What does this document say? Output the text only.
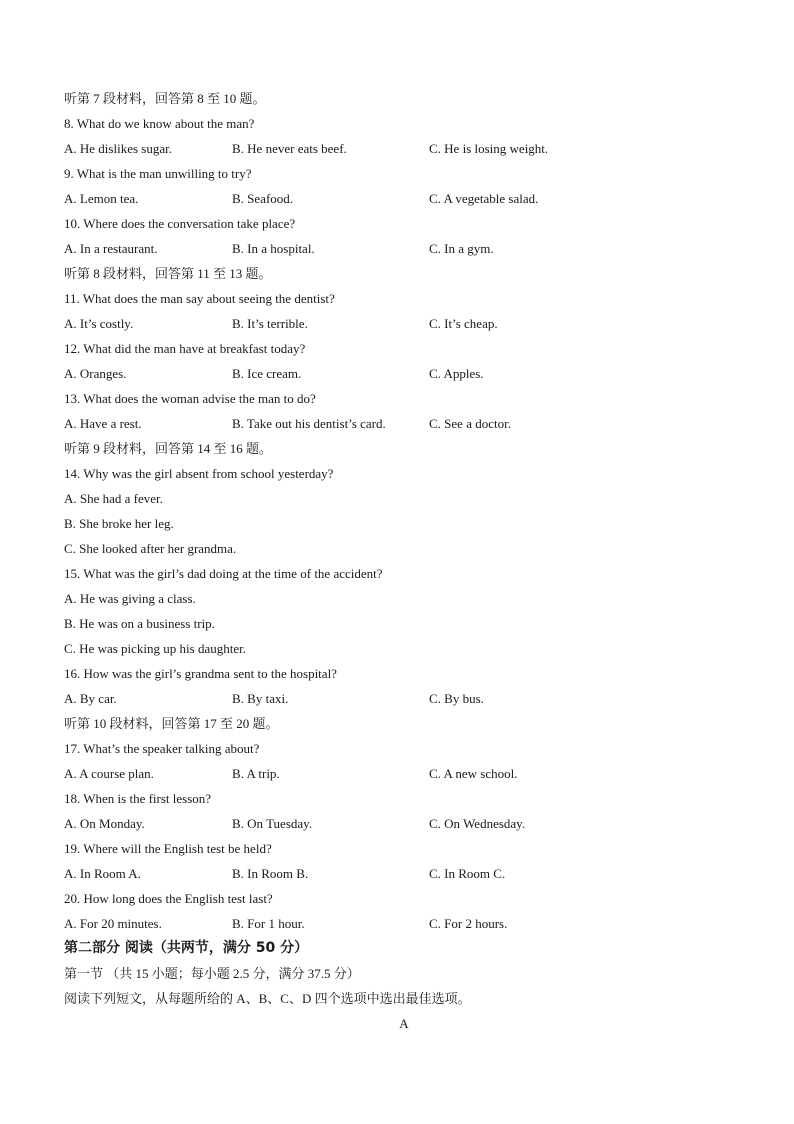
听第 7 段材料，回答第 8 至 10 题。
8. What do we know about the man?
A. He dislikes sugar.	B. He never eats beef.	C. He is losing weight.
9. What is the man unwilling to try?
A. Lemon tea.	B. Seafood.	C. A vegetable salad.
10. Where does the conversation take place?
A. In a restaurant.	B. In a hospital.	C. In a gym.
听第 8 段材料，回答第 11 至 13 题。
11. What does the man say about seeing the dentist?
A. It’s costly.	B. It’s terrible.	C. It’s cheap.
12. What did the man have at breakfast today?
A. Oranges.	B. Ice cream.	C. Apples.
13. What does the woman advise the man to do?
A. Have a rest.	B. Take out his dentist’s card.	C. See a doctor.
听第 9 段材料，回答第 14 至 16 题。
14. Why was the girl absent from school yesterday?
A. She had a fever.
B. She broke her leg.
C. She looked after her grandma.
15. What was the girl’s dad doing at the time of the accident?
A. He was giving a class.
B. He was on a business trip.
C. He was picking up his daughter.
16. How was the girl’s grandma sent to the hospital?
A. By car.	B. By taxi.	C. By bus.
听第 10 段材料，回答第 17 至 20 题。
17. What’s the speaker talking about?
A. A course plan.	B. A trip.	C. A new school.
18. When is the first lesson?
A. On Monday.	B. On Tuesday.	C. On Wednesday.
19. Where will the English test be held?
A. In Room A.	B. In Room B.	C. In Room C.
20. How long does the English test last?
A. For 20 minutes.	B. For 1 hour.	C. For 2 hours.
第二部分 阅读（共两节，满分 50 分）
第一节 （共 15 小题；每小题 2.5 分，满分 37.5 分）
阅读下列短文，从每题所给的 A、B、C、D 四个选项中选出最佳选项。
A
